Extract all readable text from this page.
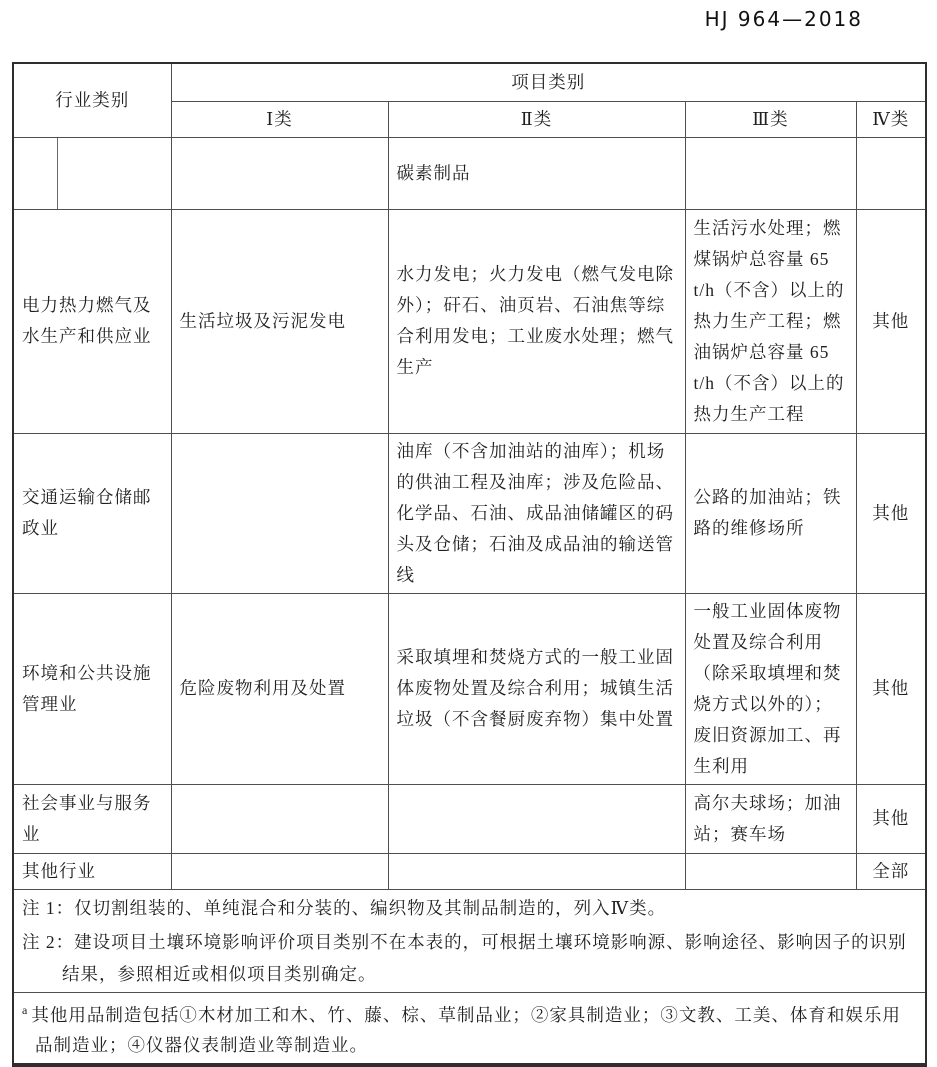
HJ 964—2018
行业类别	项目类别			
	Ⅰ类	Ⅱ类	Ⅲ类	Ⅳ类
		碳素制品		
电力热力燃气及水生产和供应业	生活垃圾及污泥发电	水力发电；火力发电（燃气发电除外）；矸石、油页岩、石油焦等综合利用发电；工业废水处理；燃气生产	生活污水处理；燃煤锅炉总容量 65 t/h（不含）以上的热力生产工程；燃油锅炉总容量 65 t/h（不含）以上的热力生产工程	其他
交通运输仓储邮政业		油库（不含加油站的油库）；机场的供油工程及油库；涉及危险品、化学品、石油、成品油储罐区的码头及仓储；石油及成品油的输送管线	公路的加油站；铁路的维修场所	其他
环境和公共设施管理业	危险废物利用及处置	采取填埋和焚烧方式的一般工业固体废物处置及综合利用；城镇生活垃圾（不含餐厨废弃物）集中处置	一般工业固体废物处置及综合利用（除采取填埋和焚烧方式以外的）；废旧资源加工、再生利用	其他
社会事业与服务业			高尔夫球场；加油站；赛车场	其他
其他行业				全部

注 1：仅切割组装的、单纯混合和分装的、编织物及其制品制造的，列入Ⅳ类。

注 2：建设项目土壤环境影响评价项目类别不在本表的，可根据土壤环境影响源、影响途径、影响因子的识别结果，参照相近或相似项目类别确定。				

$^a$ 其他用品制造包括①木材加工和木、竹、藤、棕、草制品业；②家具制造业；③文教、工美、体育和娱乐用品制造业；④仪器仪表制造业等制造业。				
